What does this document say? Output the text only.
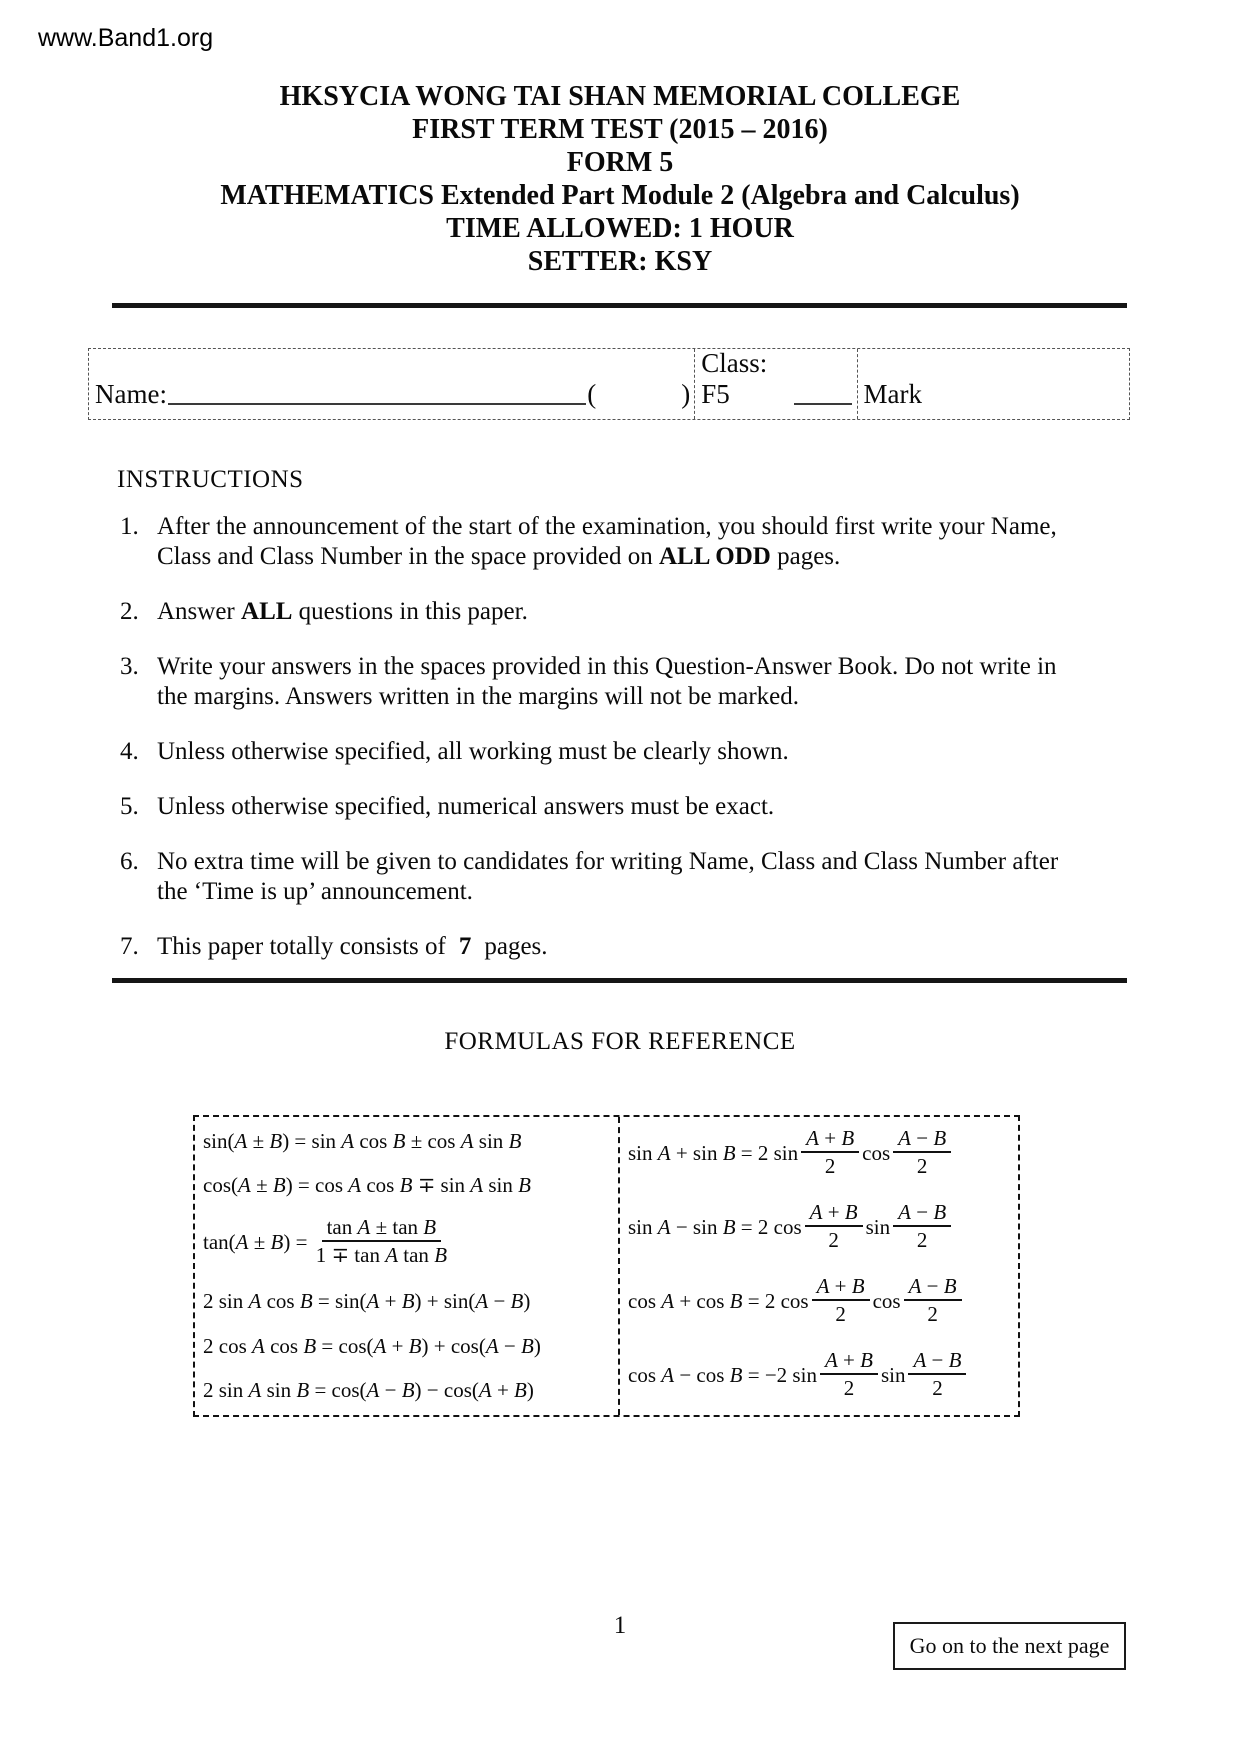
www.Band1.org
HKSYCIA WONG TAI SHAN MEMORIAL COLLEGE
FIRST TERM TEST (2015 – 2016)
FORM 5
MATHEMATICS Extended Part Module 2 (Algebra and Calculus)
TIME ALLOWED: 1 HOUR
SETTER: KSY
Name:	(	)
Class: F5	Mark
INSTRUCTIONS
1. After the announcement of the start of the examination, you should first write your Name, Class and Class Number in the space provided on ALL ODD pages.
2. Answer ALL questions in this paper.
3. Write your answers in the spaces provided in this Question-Answer Book. Do not write in the margins. Answers written in the margins will not be marked.
4. Unless otherwise specified, all working must be clearly shown.
5. Unless otherwise specified, numerical answers must be exact.
6. No extra time will be given to candidates for writing Name, Class and Class Number after the ‘Time is up’ announcement.
7. This paper totally consists of 7 pages.
FORMULAS FOR REFERENCE
sin(A ± B) = sin A cos B ± cos A sin B
cos(A ± B) = cos A cos B ∓ sin A sin B
$\tan(A \pm B) = \frac{\text{tan A ± tan B}}{\text{1 ∓ tan A tan B}}$
2 sin A cos B = sin(A + B) + sin(A − B)
2 cos A cos B = cos(A + B) + cos(A − B)
2 sin A sin B = cos(A − B) − cos(A + B)
sin A + sin B = 2 $\sin \frac{A + B}{2}$ $\cos \frac{A - B}{2}$
sin A − sin B = 2 $\cos \frac{A + B}{2}$ $\sin \frac{A - B}{2}$
cos A + cos B = 2 $\cos \frac{A + B}{2}$ $\cos \frac{A - B}{2}$
cos A − cos B = −2 $\sin \frac{A + B}{2}$ $\sin \frac{A - B}{2}$
1
Go on to the next page
